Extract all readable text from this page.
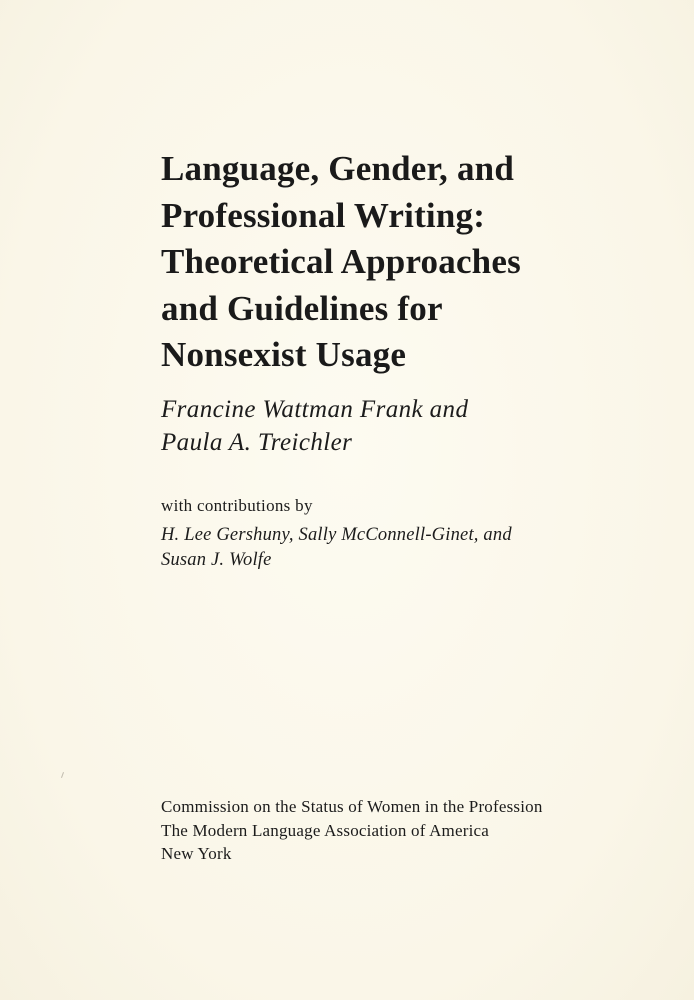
Language, Gender, and
Professional Writing:
Theoretical Approaches
and Guidelines for
Nonsexist Usage
Francine Wattman Frank and
Paula A. Treichler
with contributions by
H. Lee Gershuny, Sally McConnell-Ginet, and
Susan J. Wolfe
Commission on the Status of Women in the Profession
The Modern Language Association of America
New York
